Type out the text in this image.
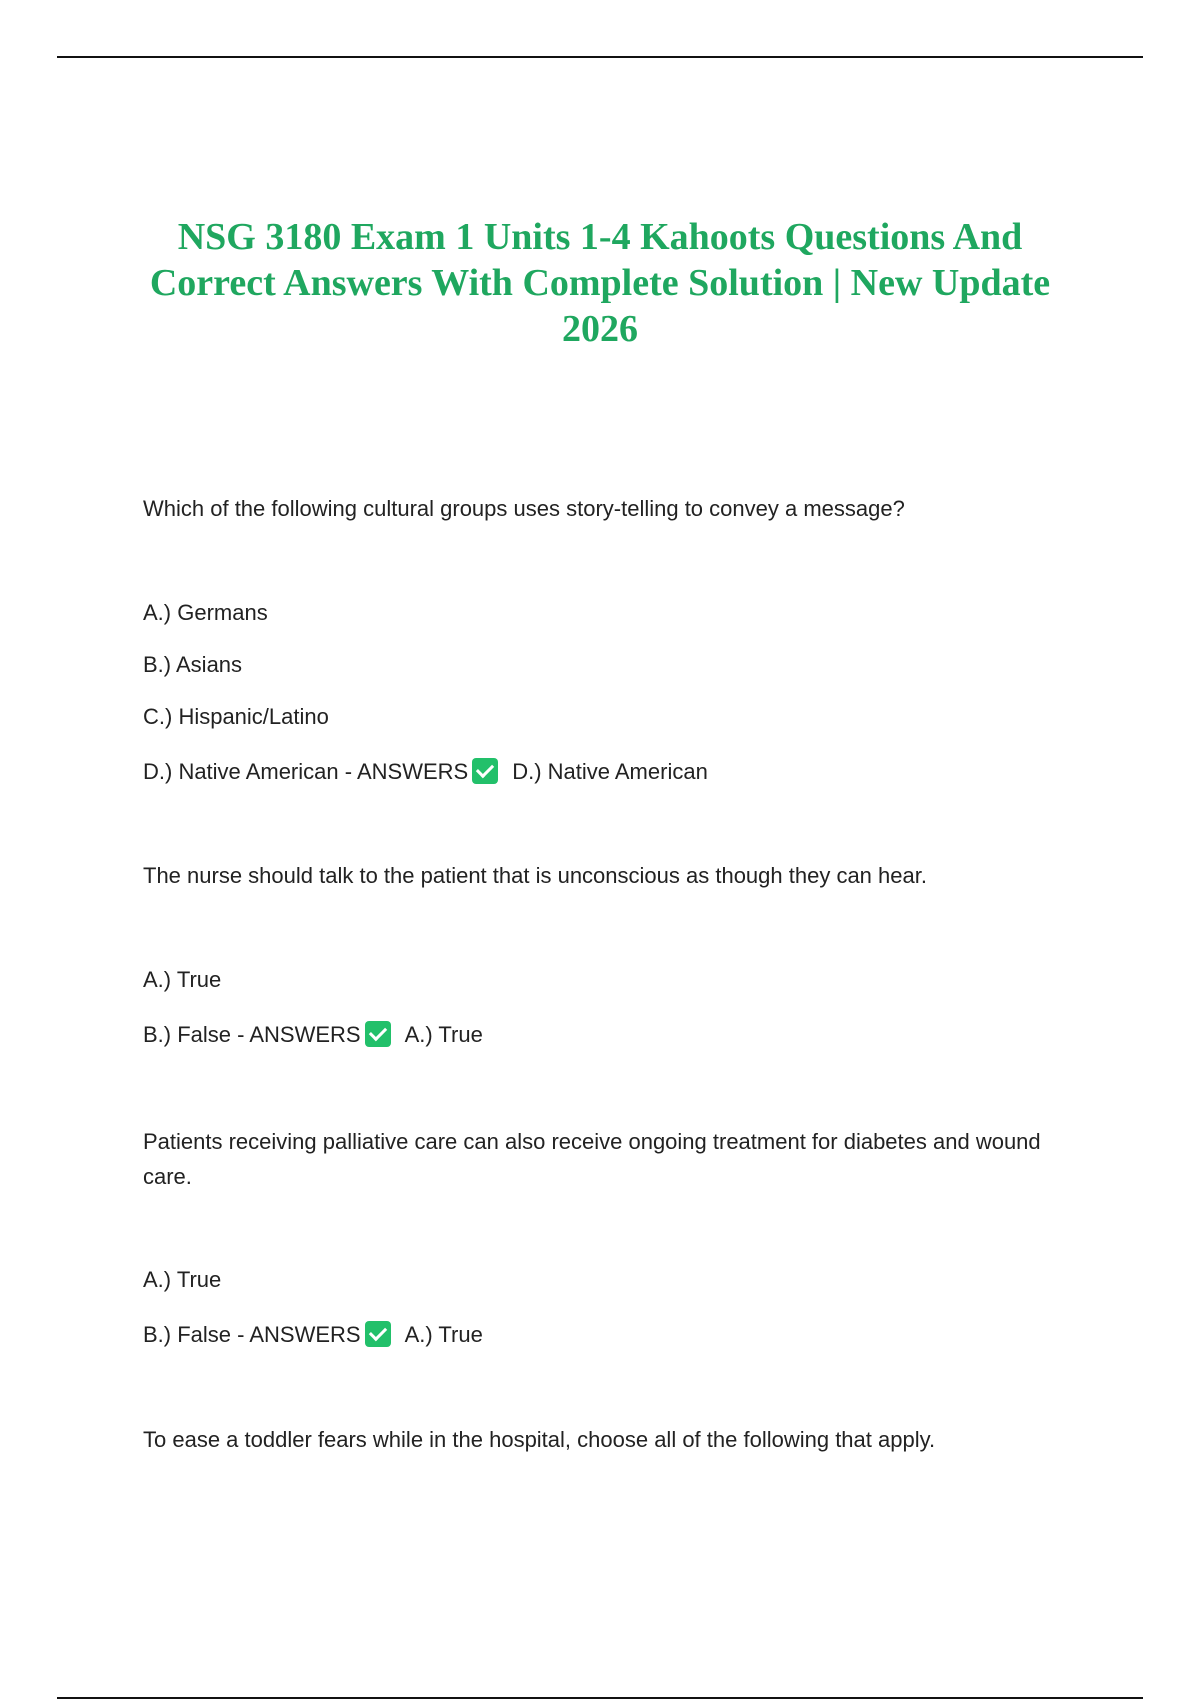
NSG 3180 Exam 1 Units 1-4 Kahoots Questions And Correct Answers With Complete Solution | New Update 2026
Which of the following cultural groups uses story-telling to convey a message?
A.) Germans
B.) Asians
C.) Hispanic/Latino
D.) Native American - ANSWERS D.) Native American
The nurse should talk to the patient that is unconscious as though they can hear.
A.) True
B.) False - ANSWERS A.) True
Patients receiving palliative care can also receive ongoing treatment for diabetes and wound care.
A.) True
B.) False - ANSWERS A.) True
To ease a toddler fears while in the hospital, choose all of the following that apply.
